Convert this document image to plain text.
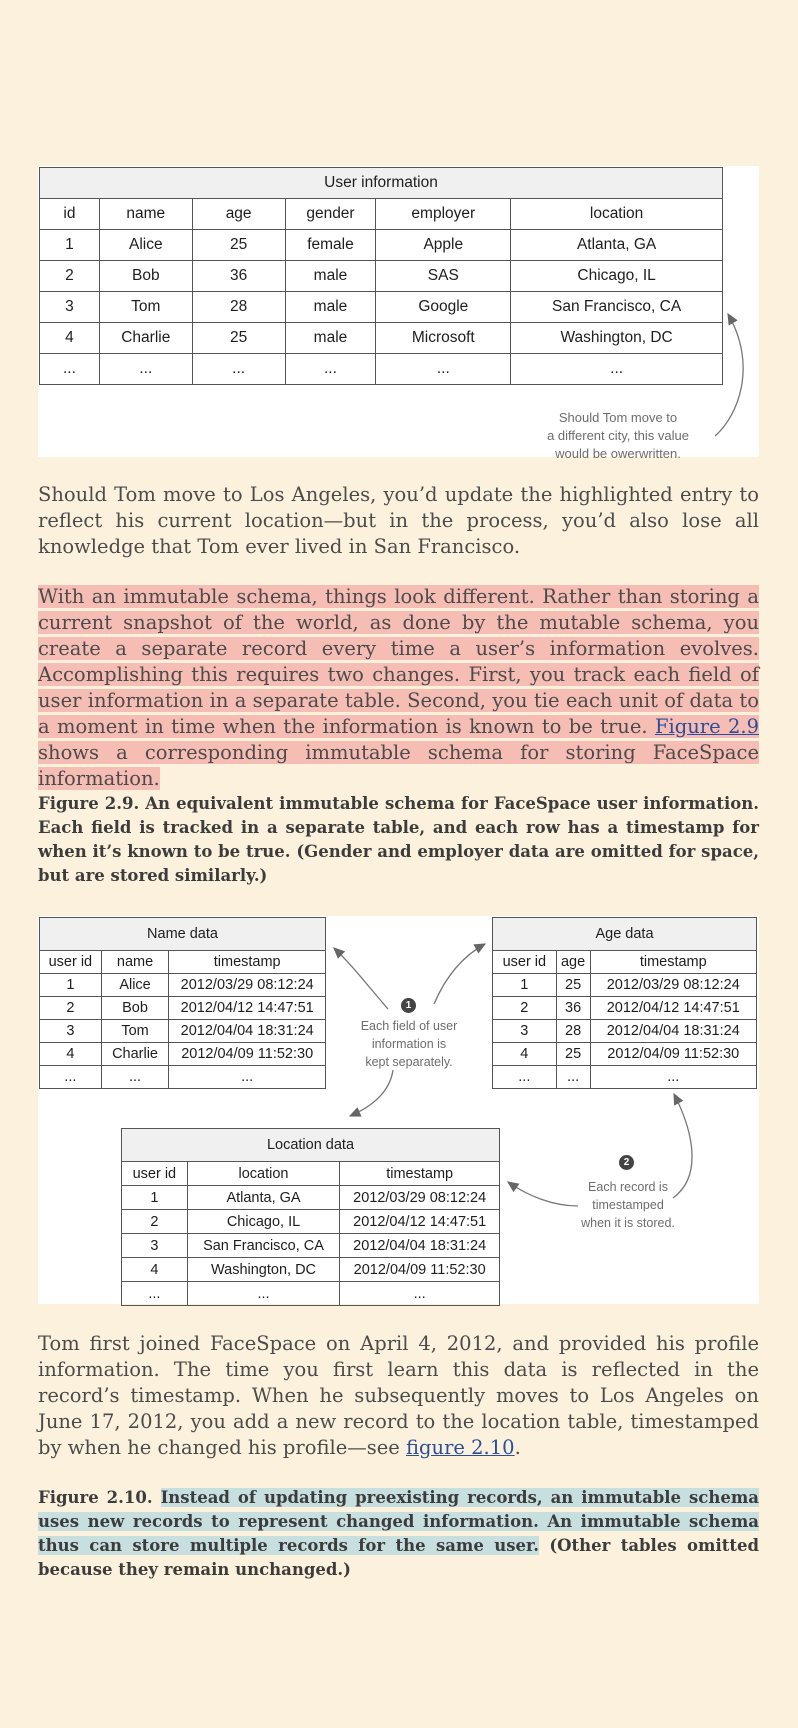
User information					
id	name	age	gender	employer	location
1	Alice	25	female	Apple	Atlanta, GA
2	Bob	36	male	SAS	Chicago, IL
3	Tom	28	male	Google	San Francisco, CA
4	Charlie	25	male	Microsoft	Washington, DC
...	...	...	...	...	...
Should Tom move to
a different city, this value
would be owerwritten.

Should Tom move to Los Angeles, you’d update the highlighted entry to reflect his current location—but in the process, you’d also lose all knowledge that Tom ever lived in San Francisco.

With an immutable schema, things look different. Rather than storing a current snapshot of the world, as done by the mutable schema, you create a separate record every time a user’s information evolves. Accomplishing this requires two changes. First, you track each field of user information in a separate table. Second, you tie each unit of data to a moment in time when the information is known to be true. Figure 2.9 shows a corresponding immutable schema for storing FaceSpace information.

Figure 2.9. An equivalent immutable schema for FaceSpace user information. Each field is tracked in a separate table, and each row has a timestamp for when it’s known to be true. (Gender and employer data are omitted for space, but are stored similarly.)

Name data		
user id	name	timestamp
1	Alice	2012/03/29 08:12:24
2	Bob	2012/04/12 14:47:51
3	Tom	2012/04/04 18:31:24
4	Charlie	2012/04/09 11:52:30
...	...	...
Age data		
user id	age	timestamp
1	25	2012/03/29 08:12:24
2	36	2012/04/12 14:47:51
3	28	2012/04/04 18:31:24
4	25	2012/04/09 11:52:30
...	...	...
Location data		
user id	location	timestamp
1	Atlanta, GA	2012/03/29 08:12:24
2	Chicago, IL	2012/04/12 14:47:51
3	San Francisco, CA	2012/04/04 18:31:24
4	Washington, DC	2012/04/09 11:52:30
...	...	...
1
Each field of user
information is
kept separately.
2
Each record is
timestamped
when it is stored.

Tom first joined FaceSpace on April 4, 2012, and provided his profile information. The time you first learn this data is reflected in the record’s timestamp. When he subsequently moves to Los Angeles on June 17, 2012, you add a new record to the location table, timestamped by when he changed his profile—see figure 2.10.

Figure 2.10. Instead of updating preexisting records, an immutable schema uses new records to represent changed information. An immutable schema thus can store multiple records for the same user. (Other tables omitted because they remain unchanged.)
